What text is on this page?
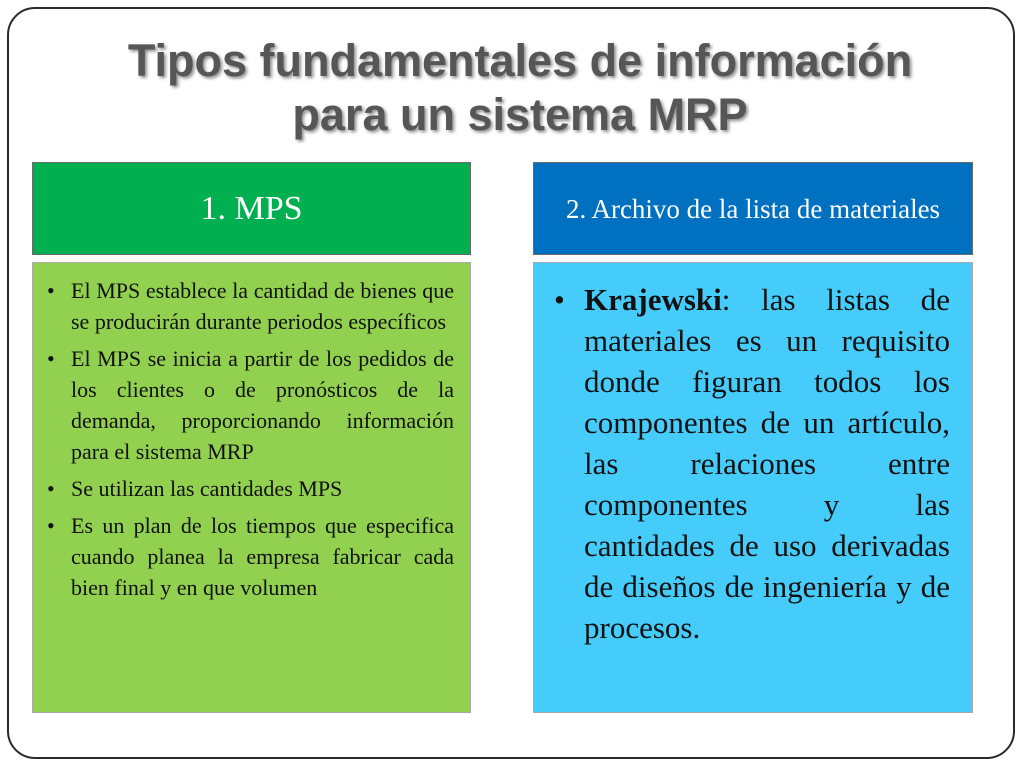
Tipos fundamentales de información
para un sistema MRP
1. MPS	2. Archivo de la lista de materiales
• El MPS establece la cantidad de bienes que se producirán durante periodos específicos
• El MPS se inicia a partir de los pedidos de los clientes o de pronósticos de la demanda, proporcionando información para el sistema MRP
• Se utilizan las cantidades MPS
• Es un plan de los tiempos que especifica cuando planea la empresa fabricar cada bien final y en que volumen
• Krajewski: las listas de materiales es un requisito donde figuran todos los componentes de un artículo, las relaciones entre componentes y las cantidades de uso derivadas de diseños de ingeniería y de procesos.
